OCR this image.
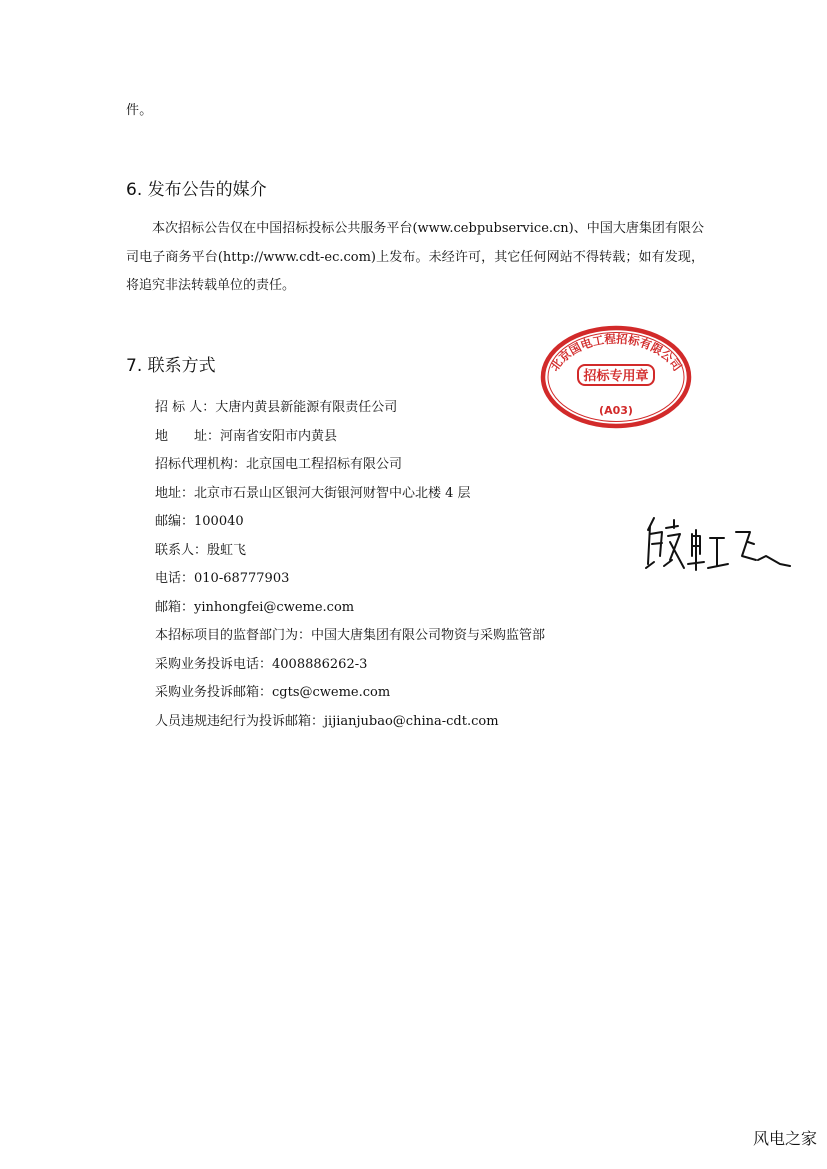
件。
6. 发布公告的媒介

本次招标公告仅在中国招标投标公共服务平台(www.cebpubservice.cn)、中国大唐集团有限公司电子商务平台(http://www.cdt-ec.com)上发布。未经许可，其它任何网站不得转载；如有发现，将追究非法转载单位的责任。

7. 联系方式
招 标 人：大唐内黄县新能源有限责任公司
地　　址：河南省安阳市内黄县
招标代理机构：北京国电工程招标有限公司
地址：北京市石景山区银河大街银河财智中心北楼 4 层
邮编：100040
联系人：殷虹飞
电话：010-68777903
邮箱：yinhongfei@cweme.com
本招标项目的监督部门为：中国大唐集团有限公司物资与采购监管部
采购业务投诉电话：4008886262-3
采购业务投诉邮箱：cgts@cweme.com
人员违规违纪行为投诉邮箱：jijianjubao@china-cdt.com
北京国电工程招标有限公司
招标专用章
(A03)
风电之家
